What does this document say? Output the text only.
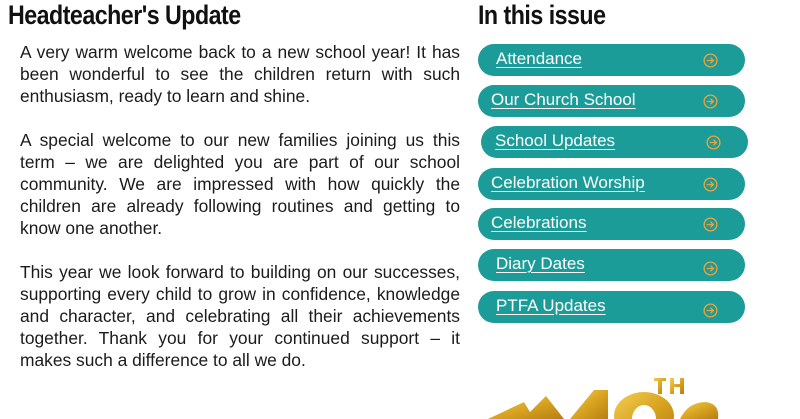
Headteacher's Update

A very warm welcome back to a new school year! It has been wonderful to see the children return with such enthusiasm, ready to learn and shine.

A special welcome to our new families joining us this term – we are delighted you are part of our school community. We are impressed with how quickly the children are already following routines and getting to know one another.

This year we look forward to building on our successes, supporting every child to grow in confidence, knowledge and character, and celebrating all their achievements together. Thank you for your continued support – it makes such a difference to all we do.

In this issue
Attendance
Our Church School
School Updates
Celebration Worship
Celebrations
Diary Dates
PTFA Updates
